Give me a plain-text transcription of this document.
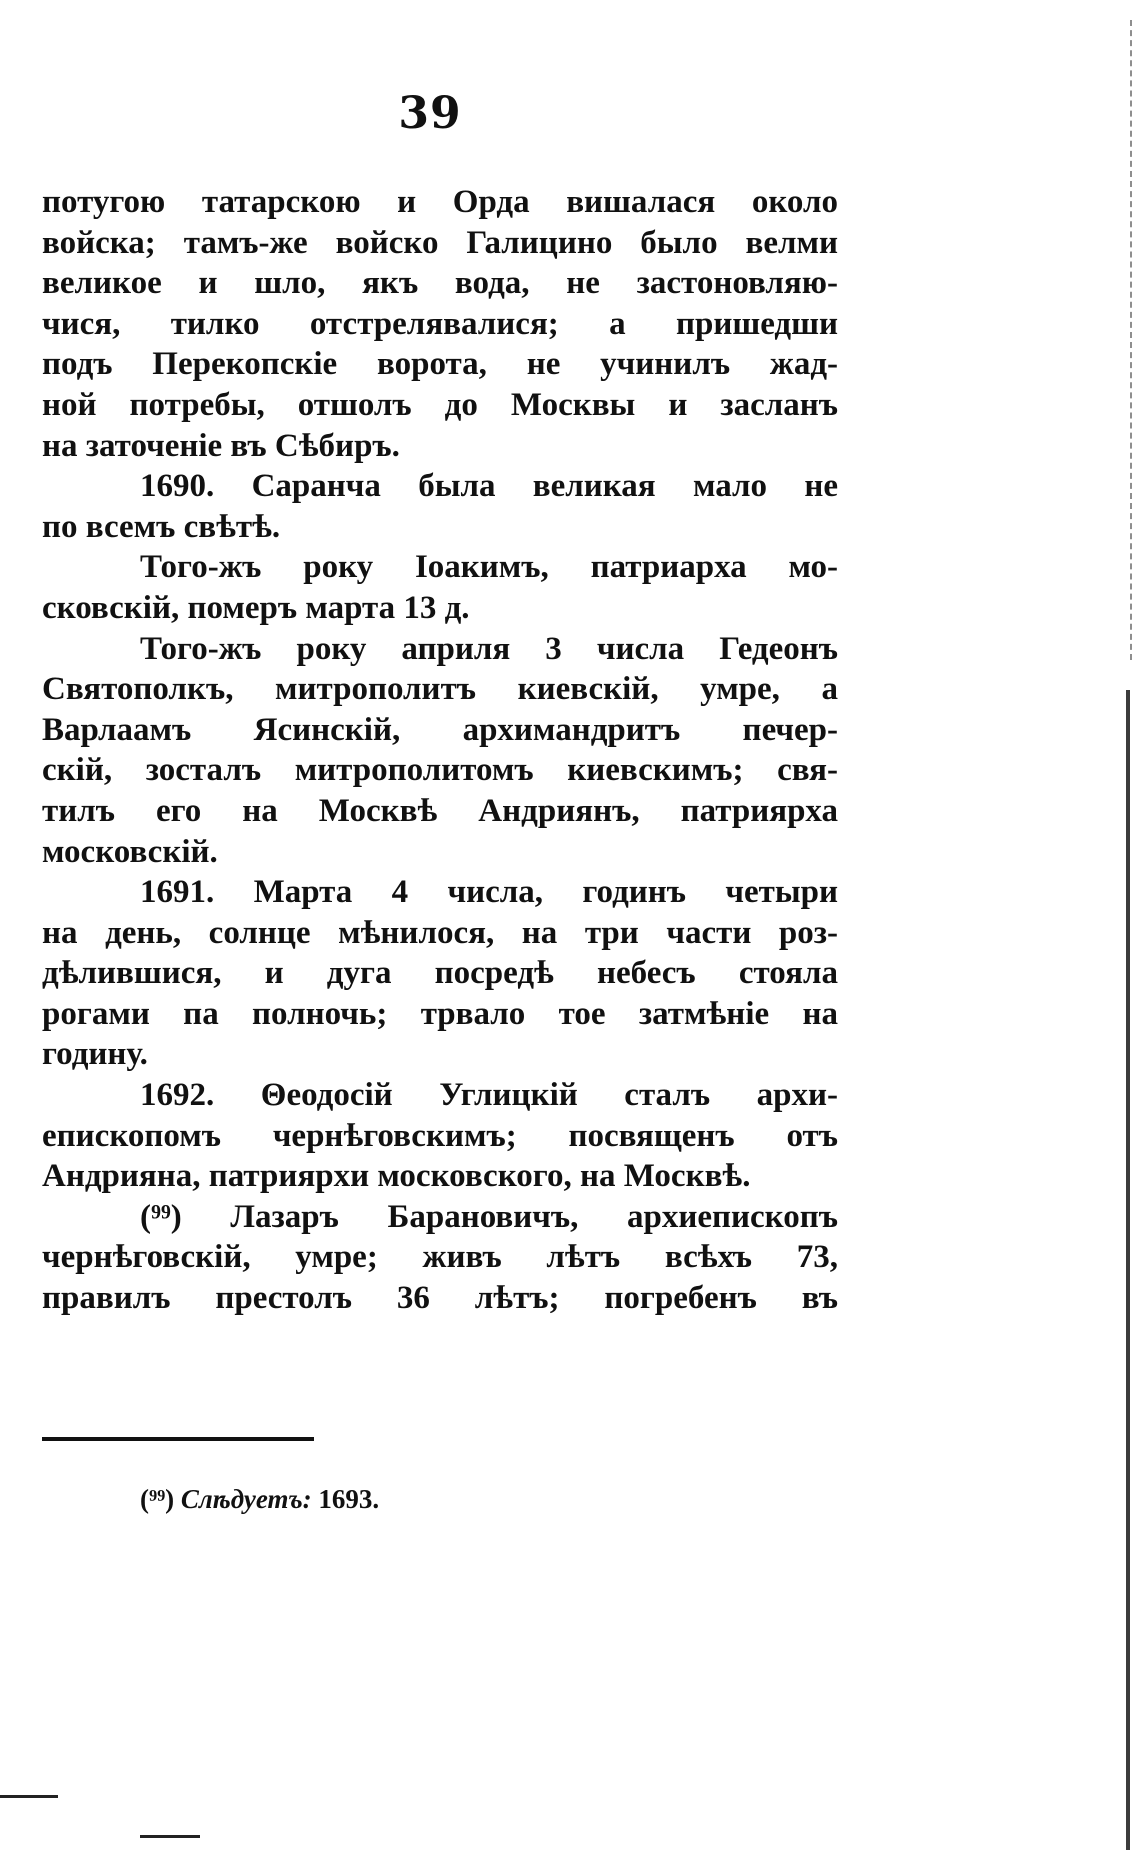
39
потугою татарскою и Орда вишалася около
войска; тамъ-же войско Галицино было велми
великое и шло, якъ вода, не застоновляю-
чися, тилко отстрелявалися; а пришедши
подъ Перекопскіе ворота, не учинилъ жад-
ной потребы, отшолъ до Москвы и засланъ
на заточеніе въ Сѣбиръ.
1690. Саранча была великая мало не
по всемъ свѣтѣ.
Того-жъ року Іоакимъ, патриарха мо-
сковскій, померъ марта 13 д.
Того-жъ року априля 3 числа Гедеонъ
Святополкъ, митрополитъ киевскій, умре, а
Варлаамъ Ясинскій, архимандритъ печер-
скій, зосталъ митрополитомъ киевскимъ; свя-
тилъ его на Москвѣ Андриянъ, патриярха
московскій.
1691. Марта 4 числа, годинъ четыри
на день, солнце мѣнилося, на три части роз-
дѣлившися, и дуга посредѣ небесъ стояла
рогами па полночь; трвало тое затмѣніе на
годину.
1692. Θеодосій Углицкій сталъ архи-
епископомъ чернѣговскимъ; посвященъ отъ
Андрияна, патриярхи московского, на Москвѣ.
(⁹⁹) Лазаръ Барановичъ, архиепископъ
чернѣговскій, умре; живъ лѣтъ всѣхъ 73,
правилъ престолъ 36 лѣтъ; погребенъ въ
(⁹⁹) Слѣдуетъ: 1693.
